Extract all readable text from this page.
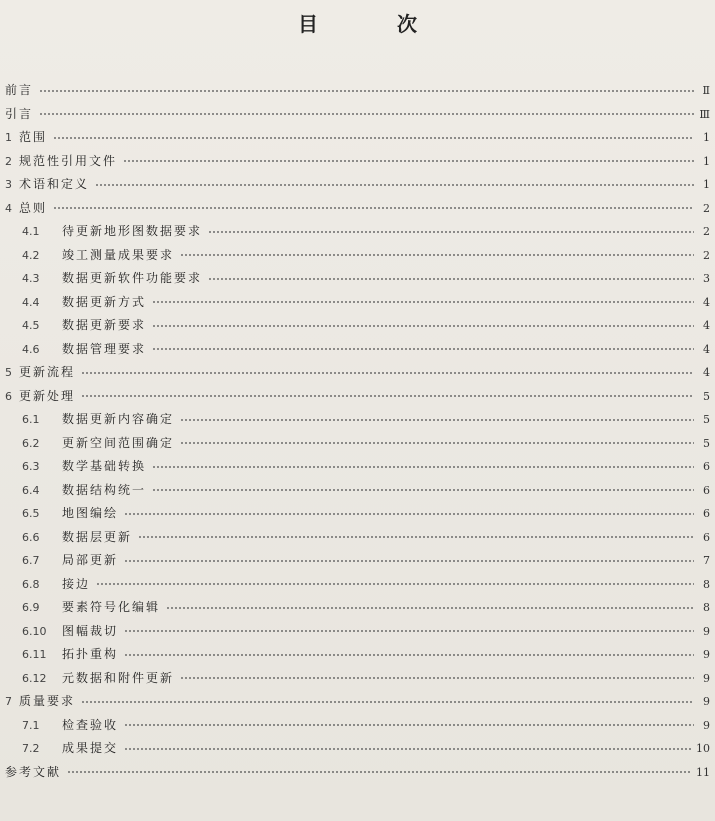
目 次
前言	Ⅱ
引言	Ⅲ
1 范围	1
2 规范性引用文件	1
3 术语和定义	1
4 总则	2
4.1	待更新地形图数据要求	2
4.2	竣工测量成果要求	2
4.3	数据更新软件功能要求	3
4.4	数据更新方式	4
4.5	数据更新要求	4
4.6	数据管理要求	4
5 更新流程	4
6 更新处理	5
6.1	数据更新内容确定	5
6.2	更新空间范围确定	5
6.3	数学基础转换	6
6.4	数据结构统一	6
6.5	地图编绘	6
6.6	数据层更新	6
6.7	局部更新	7
6.8	接边	8
6.9	要素符号化编辑	8
6.10	图幅裁切	9
6.11	拓扑重构	9
6.12	元数据和附件更新	9
7 质量要求	9
7.1	检查验收	9
7.2	成果提交	10
参考文献	11
